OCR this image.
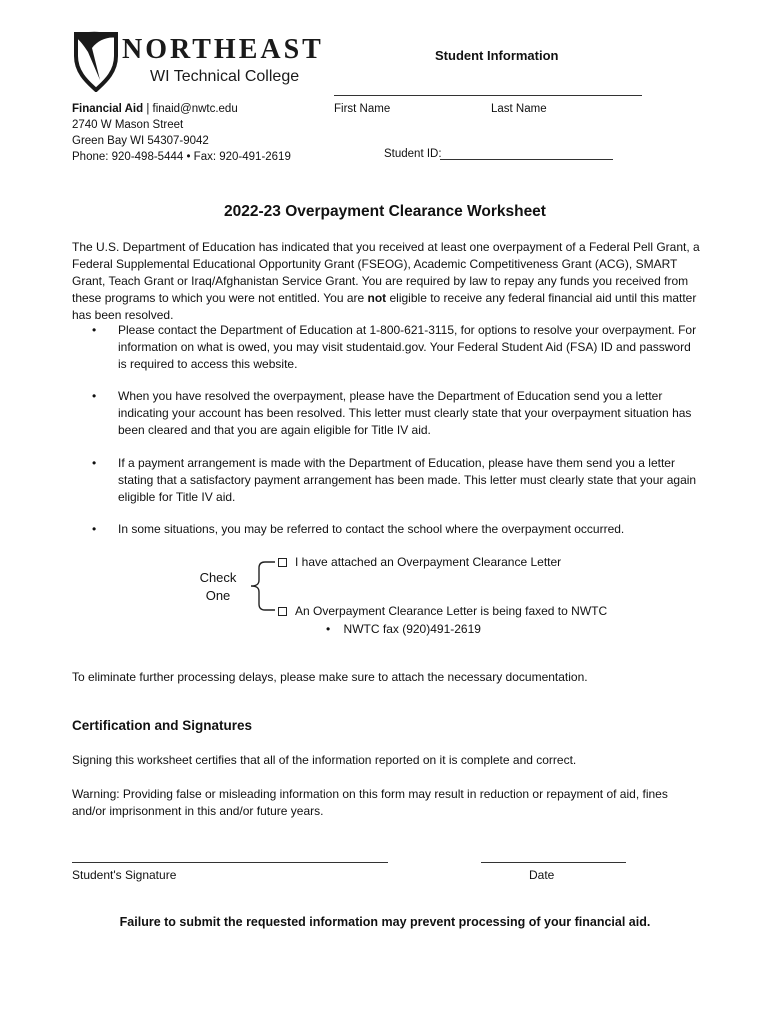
NORTHEAST
WI Technical College
Financial Aid | finaid@nwtc.edu
2740 W Mason Street
Green Bay WI 54307-9042
Phone: 920-498-5444 • Fax: 920-491-2619
Student Information
First Name	Last Name
Student ID:
2022-23 Overpayment Clearance Worksheet
The U.S. Department of Education has indicated that you received at least one overpayment of a Federal Pell Grant, a Federal Supplemental Educational Opportunity Grant (FSEOG), Academic Competitiveness Grant (ACG), SMART Grant, Teach Grant or Iraq/Afghanistan Service Grant. You are required by law to repay any funds you received from these programs to which you were not entitled. You are not eligible to receive any federal financial aid until this matter has been resolved.

• Please contact the Department of Education at 1-800-621-3115, for options to resolve your overpayment. For information on what is owed, you may visit studentaid.gov. Your Federal Student Aid (FSA) ID and password is required to access this website.

• When you have resolved the overpayment, please have the Department of Education send you a letter indicating your account has been resolved. This letter must clearly state that your overpayment situation has been cleared and that you are again eligible for Title IV aid.

• If a payment arrangement is made with the Department of Education, please have them send you a letter stating that a satisfactory payment arrangement has been made. This letter must clearly state that your again eligible for Title IV aid.

• In some situations, you may be referred to contact the school where the overpayment occurred.

Check
One
I have attached an Overpayment Clearance Letter
An Overpayment Clearance Letter is being faxed to NWTC
• NWTC fax (920)491-2619
To eliminate further processing delays, please make sure to attach the necessary documentation.
Certification and Signatures
Signing this worksheet certifies that all of the information reported on it is complete and correct.
Warning: Providing false or misleading information on this form may result in reduction or repayment of aid, fines and/or imprisonment in this and/or future years.
Student's Signature	Date
Failure to submit the requested information may prevent processing of your financial aid.
